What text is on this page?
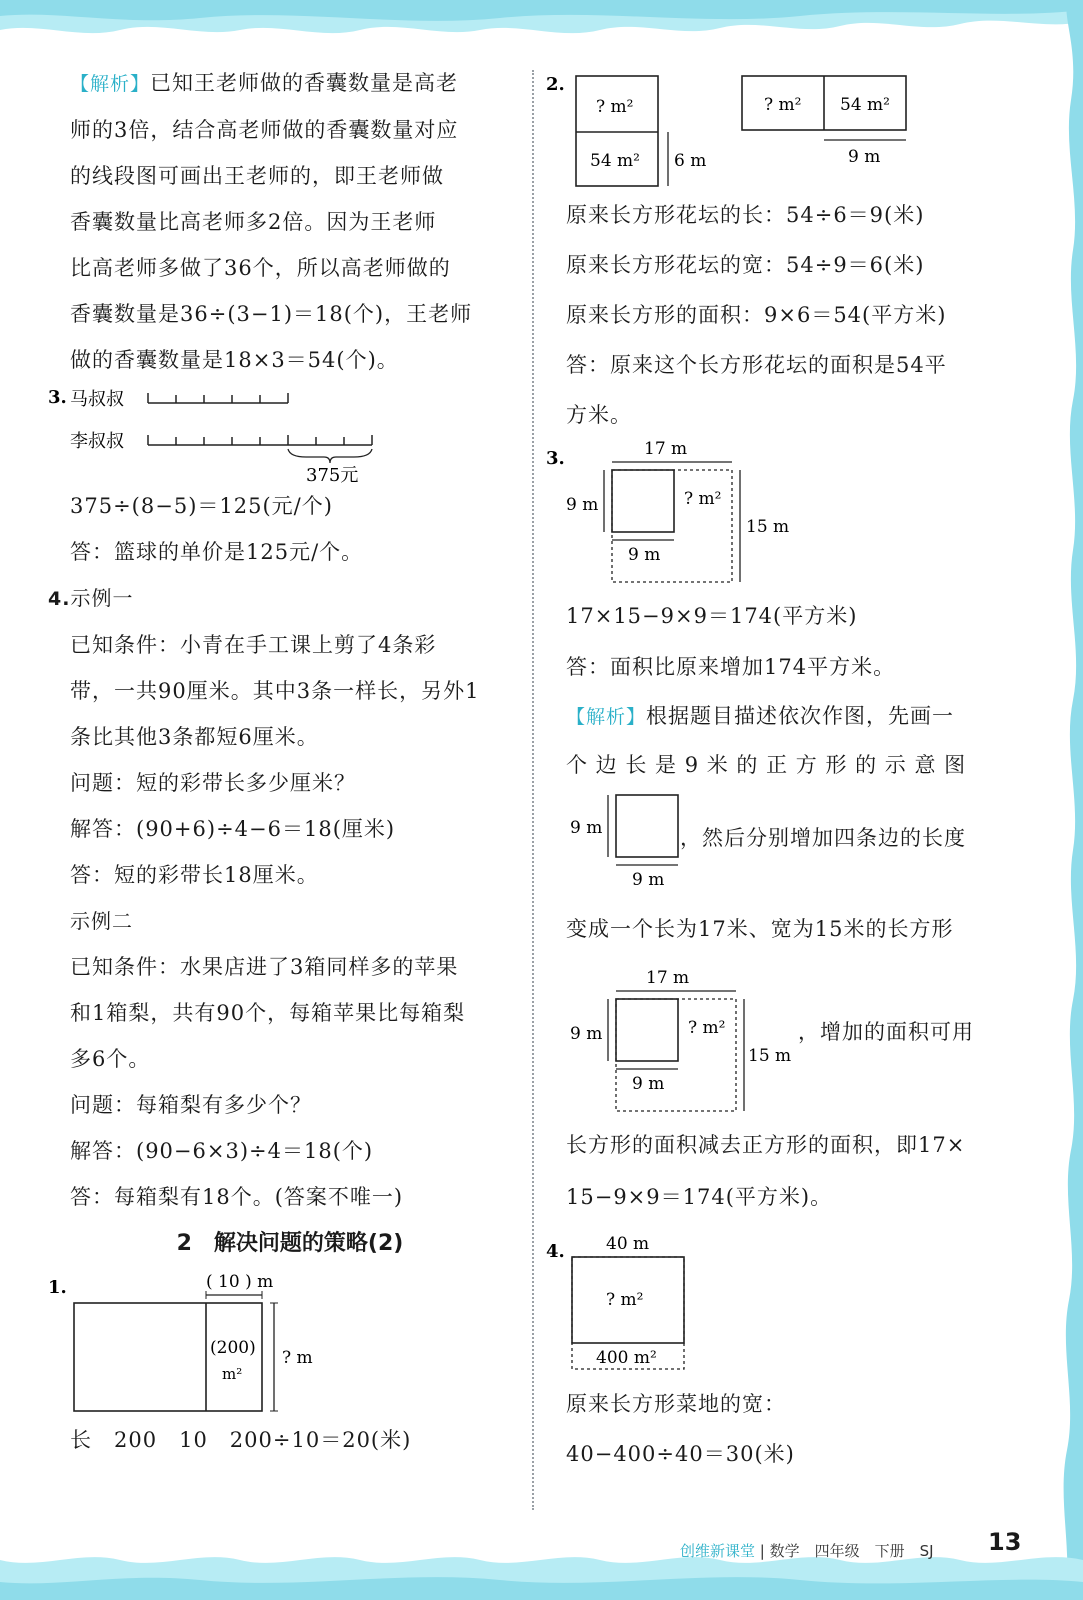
【解析】已知王老师做的香囊数量是高老

师的3倍，结合高老师做的香囊数量对应

的线段图可画出王老师的，即王老师做

香囊数量比高老师多2倍。因为王老师

比高老师多做了36个，所以高老师做的

香囊数量是36÷(3−1)＝18(个)，王老师

做的香囊数量是18×3＝54(个)。

3. 马叔叔
李叔叔
375元

375÷(8−5)＝125(元/个)

答：篮球的单价是125元/个。

4.示例一

已知条件：小青在手工课上剪了4条彩

带，一共90厘米。其中3条一样长，另外1

条比其他3条都短6厘米。

问题：短的彩带长多少厘米？

解答：(90+6)÷4−6＝18(厘米)

答：短的彩带长18厘米。

示例二

已知条件：水果店进了3箱同样多的苹果

和1箱梨，共有90个，每箱苹果比每箱梨

多6个。

问题：每箱梨有多少个？

解答：(90−6×3)÷4＝18(个)

答：每箱梨有18个。(答案不唯一)

2　解决问题的策略(2)
1.	( 10 ) m
(200)
m²
? m

长　200　10　200÷10＝20(米)

2.
? m²
54 m² 6 m
? m² 54 m²
9 m

原来长方形花坛的长：54÷6＝9(米)

原来长方形花坛的宽：54÷9＝6(米)

原来长方形的面积：9×6＝54(平方米)

答：原来这个长方形花坛的面积是54平

方米。

3.	17 m
9 m	? m²
15 m
9 m

17×15−9×9＝174(平方米)

答：面积比原来增加174平方米。

【解析】根据题目描述依次作图，先画一

个 边 长 是 9 米 的 正 方 形 的 示 意 图

9 m
9 m

，然后分别增加四条边的长度

变成一个长为17米、宽为15米的长方形

17 m
9 m	? m²
15 m
9 m

，增加的面积可用

长方形的面积减去正方形的面积，即17×

15−9×9＝174(平方米)。

4. 40 m
? m²
400 m²

原来长方形菜地的宽：

40−400÷40＝30(米)

创维新课堂 | 数学　四年级　下册　SJ 13
